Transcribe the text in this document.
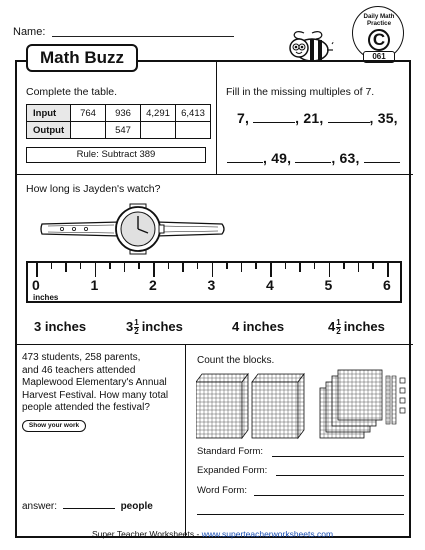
Name:
Daily Math
Practice
C
061
Math Buzz
Complete the table.
Input	764	936	4,291	6,413
Output		547		
Rule: Subtract 389
Fill in the missing multiples of 7.
7,	, 21,	, 35,
, 49,	, 63,
How long is Jayden's watch?
inches
0	1	2	3	4	5	6
3 inches	$3 \frac{1}{2}$ inches	4 inches	$4 \frac{1}{2}$ inches
473 students, 258 parents,
and 46 teachers attended
Maplewood Elementary's Annual
Harvest Festival. How many total
people attended the festival?
Show your work
answer:	people
Count the blocks.
Standard Form:
Expanded Form:
Word Form:
Super Teacher Worksheets - www.superteacherworksheets.com
